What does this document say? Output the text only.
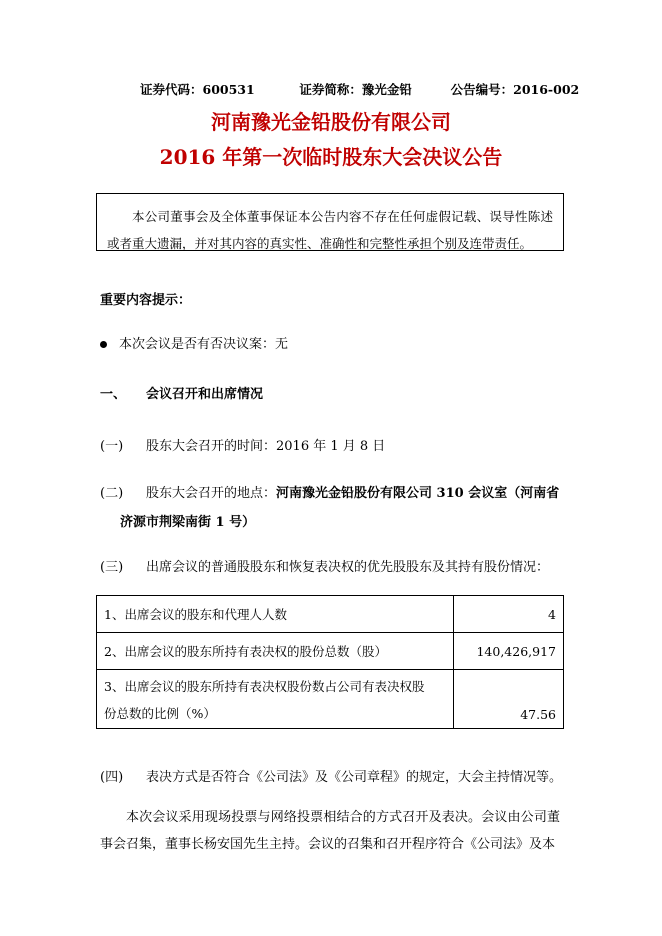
证券代码：600531	证券简称：豫光金铅	公告编号：2016-002
河南豫光金铅股份有限公司
2016 年第一次临时股东大会决议公告
本公司董事会及全体董事保证本公告内容不存在任何虚假记载、误导性陈述或者重大遗漏，并对其内容的真实性、准确性和完整性承担个别及连带责任。
重要内容提示：
本次会议是否有否决议案：无
一、 会议召开和出席情况
(一) 股东大会召开的时间：2016 年 1 月 8 日
(二) 股东大会召开的地点：河南豫光金铅股份有限公司 310 会议室（河南省
济源市荆梁南街 1 号）
(三) 出席会议的普通股股东和恢复表决权的优先股股东及其持有股份情况：
1、出席会议的股东和代理人人数	4
2、出席会议的股东所持有表决权的股份总数（股）	140,426,917

3、出席会议的股东所持有表决权股份数占公司有表决权股
份总数的比例（%）	47.56
(四) 表决方式是否符合《公司法》及《公司章程》的规定，大会主持情况等。
本次会议采用现场投票与网络投票相结合的方式召开及表决。会议由公司董事会召集，董事长杨安国先生主持。会议的召集和召开程序符合《公司法》及本
